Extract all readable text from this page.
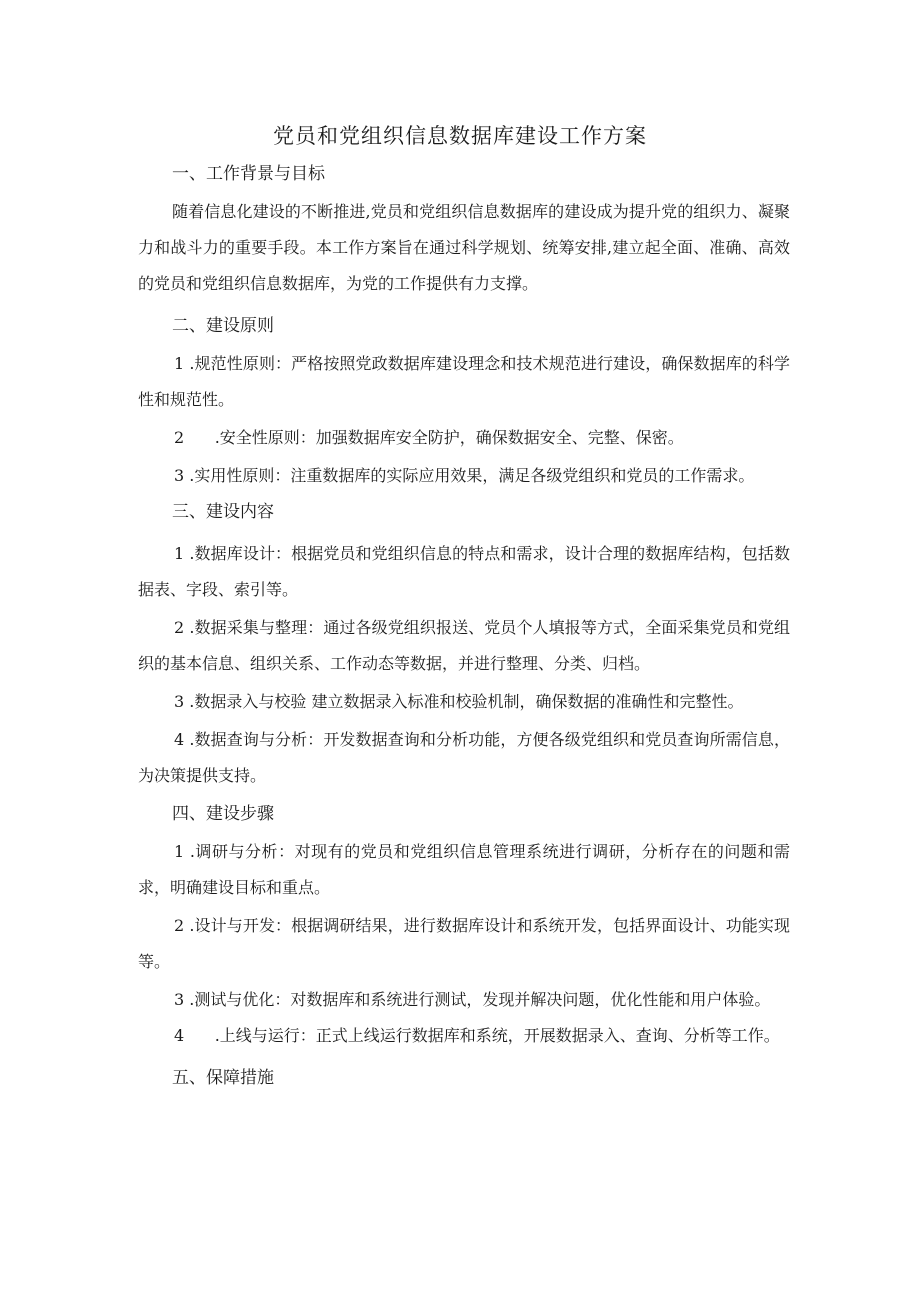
党员和党组织信息数据库建设工作方案
一、工作背景与目标

随着信息化建设的不断推进,党员和党组织信息数据库的建设成为提升党的组织力、凝聚力和战斗力的重要手段。本工作方案旨在通过科学规划、统筹安排,建立起全面、准确、高效的党员和党组织信息数据库，为党的工作提供有力支撑。

二、建设原则

1 .规范性原则：严格按照党政数据库建设理念和技术规范进行建设，确保数据库的科学性和规范性。

2 .安全性原则：加强数据库安全防护，确保数据安全、完整、保密。

3 .实用性原则：注重数据库的实际应用效果，满足各级党组织和党员的工作需求。

三、建设内容

1 .数据库设计：根据党员和党组织信息的特点和需求，设计合理的数据库结构，包括数据表、字段、索引等。

2 .数据采集与整理：通过各级党组织报送、党员个人填报等方式，全面采集党员和党组织的基本信息、组织关系、工作动态等数据，并进行整理、分类、归档。

3 .数据录入与校验 建立数据录入标准和校验机制，确保数据的准确性和完整性。

4 .数据查询与分析：开发数据查询和分析功能，方便各级党组织和党员查询所需信息，为决策提供支持。

四、建设步骤

1 .调研与分析：对现有的党员和党组织信息管理系统进行调研，分析存在的问题和需求，明确建设目标和重点。

2 .设计与开发：根据调研结果，进行数据库设计和系统开发，包括界面设计、功能实现等。

3 .测试与优化：对数据库和系统进行测试，发现并解决问题，优化性能和用户体验。

4 .上线与运行：正式上线运行数据库和系统，开展数据录入、查询、分析等工作。

五、保障措施
